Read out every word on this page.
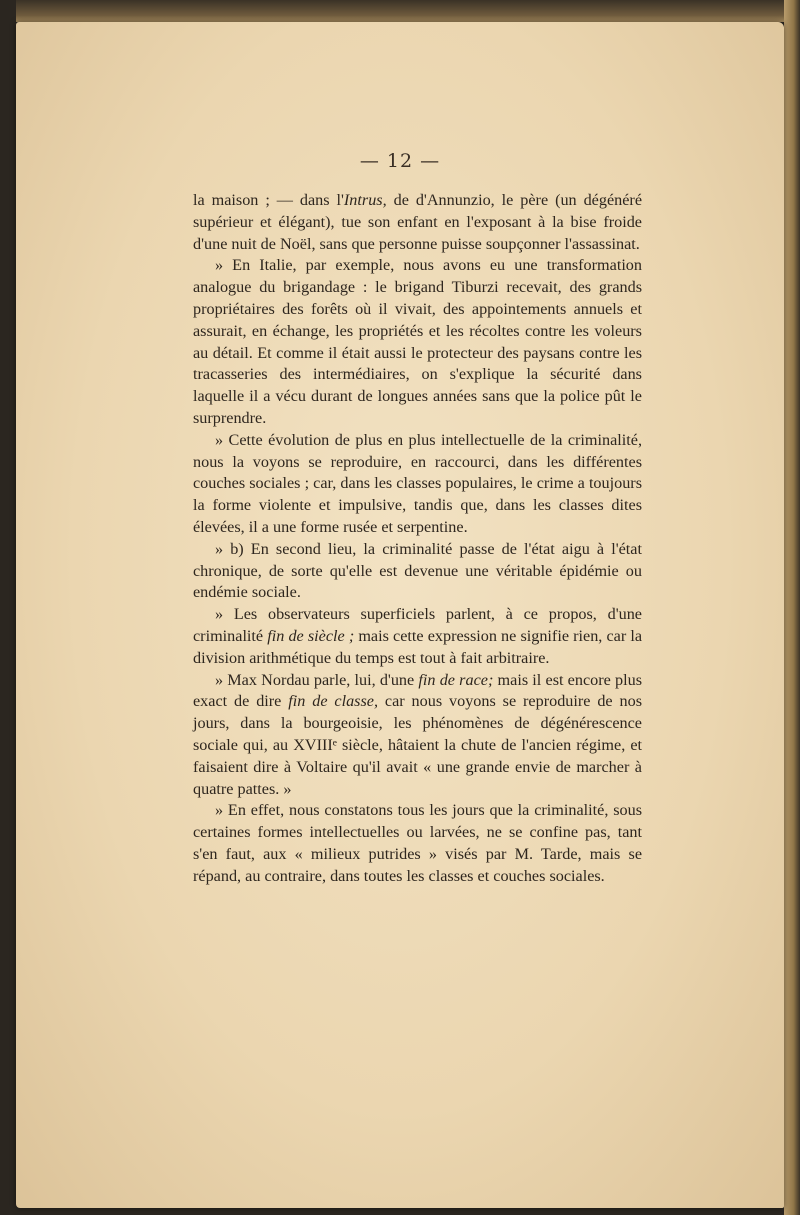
— 12 —

la maison ; — dans l'Intrus, de d'Annunzio, le père (un dégénéré supérieur et élégant), tue son enfant en l'exposant à la bise froide d'une nuit de Noël, sans que personne puisse soupçonner l'assassinat.

» En Italie, par exemple, nous avons eu une transformation analogue du brigandage : le brigand Tiburzi recevait, des grands propriétaires des forêts où il vivait, des appointements annuels et assurait, en échange, les propriétés et les récoltes contre les voleurs au détail. Et comme il était aussi le protecteur des paysans contre les tracasseries des intermédiaires, on s'explique la sécurité dans laquelle il a vécu durant de longues années sans que la police pût le surprendre.

» Cette évolution de plus en plus intellectuelle de la criminalité, nous la voyons se reproduire, en raccourci, dans les différentes couches sociales ; car, dans les classes populaires, le crime a toujours la forme violente et impulsive, tandis que, dans les classes dites élevées, il a une forme rusée et serpentine.

» b) En second lieu, la criminalité passe de l'état aigu à l'état chronique, de sorte qu'elle est devenue une véritable épidémie ou endémie sociale.

» Les observateurs superficiels parlent, à ce propos, d'une criminalité fin de siècle ; mais cette expression ne signifie rien, car la division arithmétique du temps est tout à fait arbitraire.

» Max Nordau parle, lui, d'une fin de race; mais il est encore plus exact de dire fin de classe, car nous voyons se reproduire de nos jours, dans la bourgeoisie, les phénomènes de dégénérescence sociale qui, au XVIIIᵉ siècle, hâtaient la chute de l'ancien régime, et faisaient dire à Voltaire qu'il avait « une grande envie de marcher à quatre pattes. »

» En effet, nous constatons tous les jours que la criminalité, sous certaines formes intellectuelles ou larvées, ne se confine pas, tant s'en faut, aux « milieux putrides » visés par M. Tarde, mais se répand, au contraire, dans toutes les classes et couches sociales.
